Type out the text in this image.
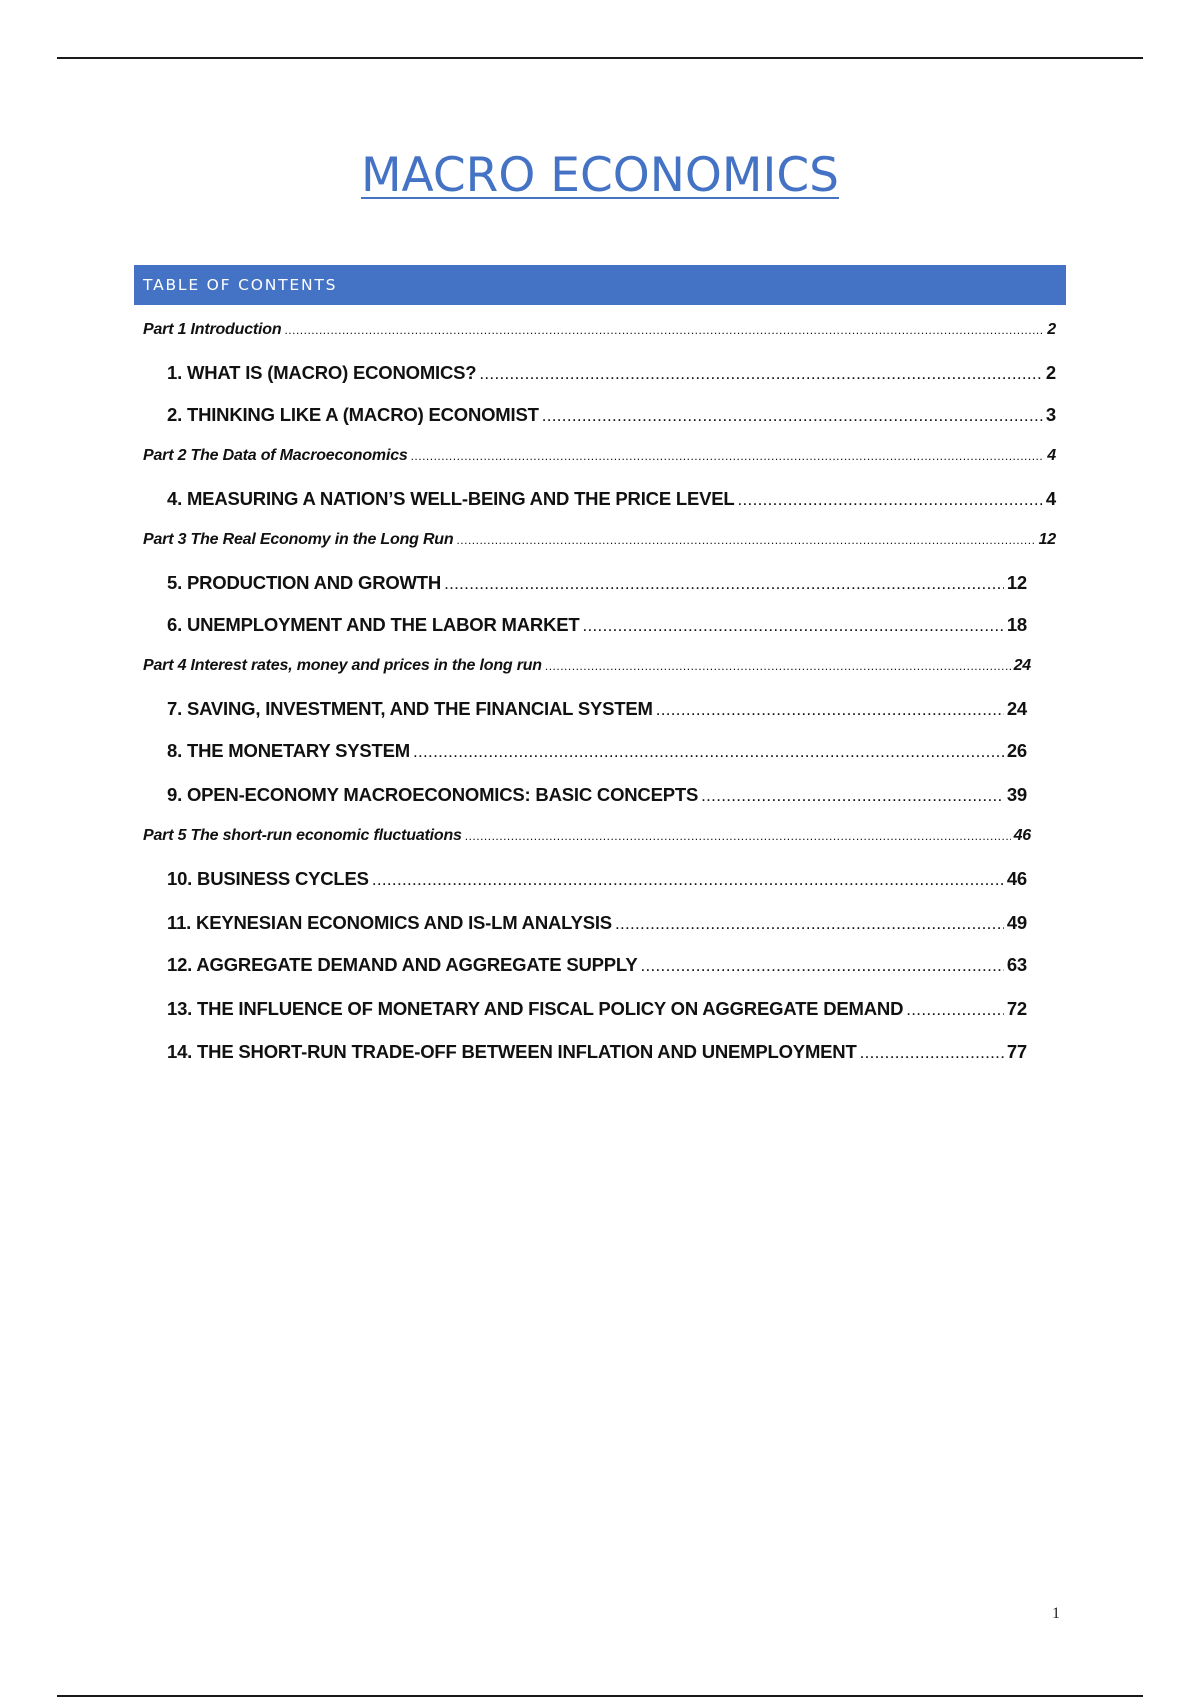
MACRO ECONOMICS
TABLE OF CONTENTS
Part 1 Introduction .....	2
1. WHAT IS (MACRO) ECONOMICS? .....	2
2. THINKING LIKE A (MACRO) ECONOMIST .....	3
Part 2 The Data of Macroeconomics .....	4
4. MEASURING A NATION’S WELL-BEING AND THE PRICE LEVEL .....	4
Part 3 The Real Economy in the Long Run .....	12
5. PRODUCTION AND GROWTH .....	12
6. UNEMPLOYMENT AND THE LABOR MARKET .....	18
Part 4 Interest rates, money and prices in the long run .....	24
7. SAVING, INVESTMENT, AND THE FINANCIAL SYSTEM .....	24
8. THE MONETARY SYSTEM .....	26
9. OPEN-ECONOMY MACROECONOMICS: BASIC CONCEPTS .....	39
Part 5 The short-run economic fluctuations .....	46
10. BUSINESS CYCLES .....	46
11. KEYNESIAN ECONOMICS AND IS-LM ANALYSIS .....	49
12. AGGREGATE DEMAND AND AGGREGATE SUPPLY .....	63
13. THE INFLUENCE OF MONETARY AND FISCAL POLICY ON AGGREGATE DEMAND .....	72
14. THE SHORT-RUN TRADE-OFF BETWEEN INFLATION AND UNEMPLOYMENT .....	77
1
